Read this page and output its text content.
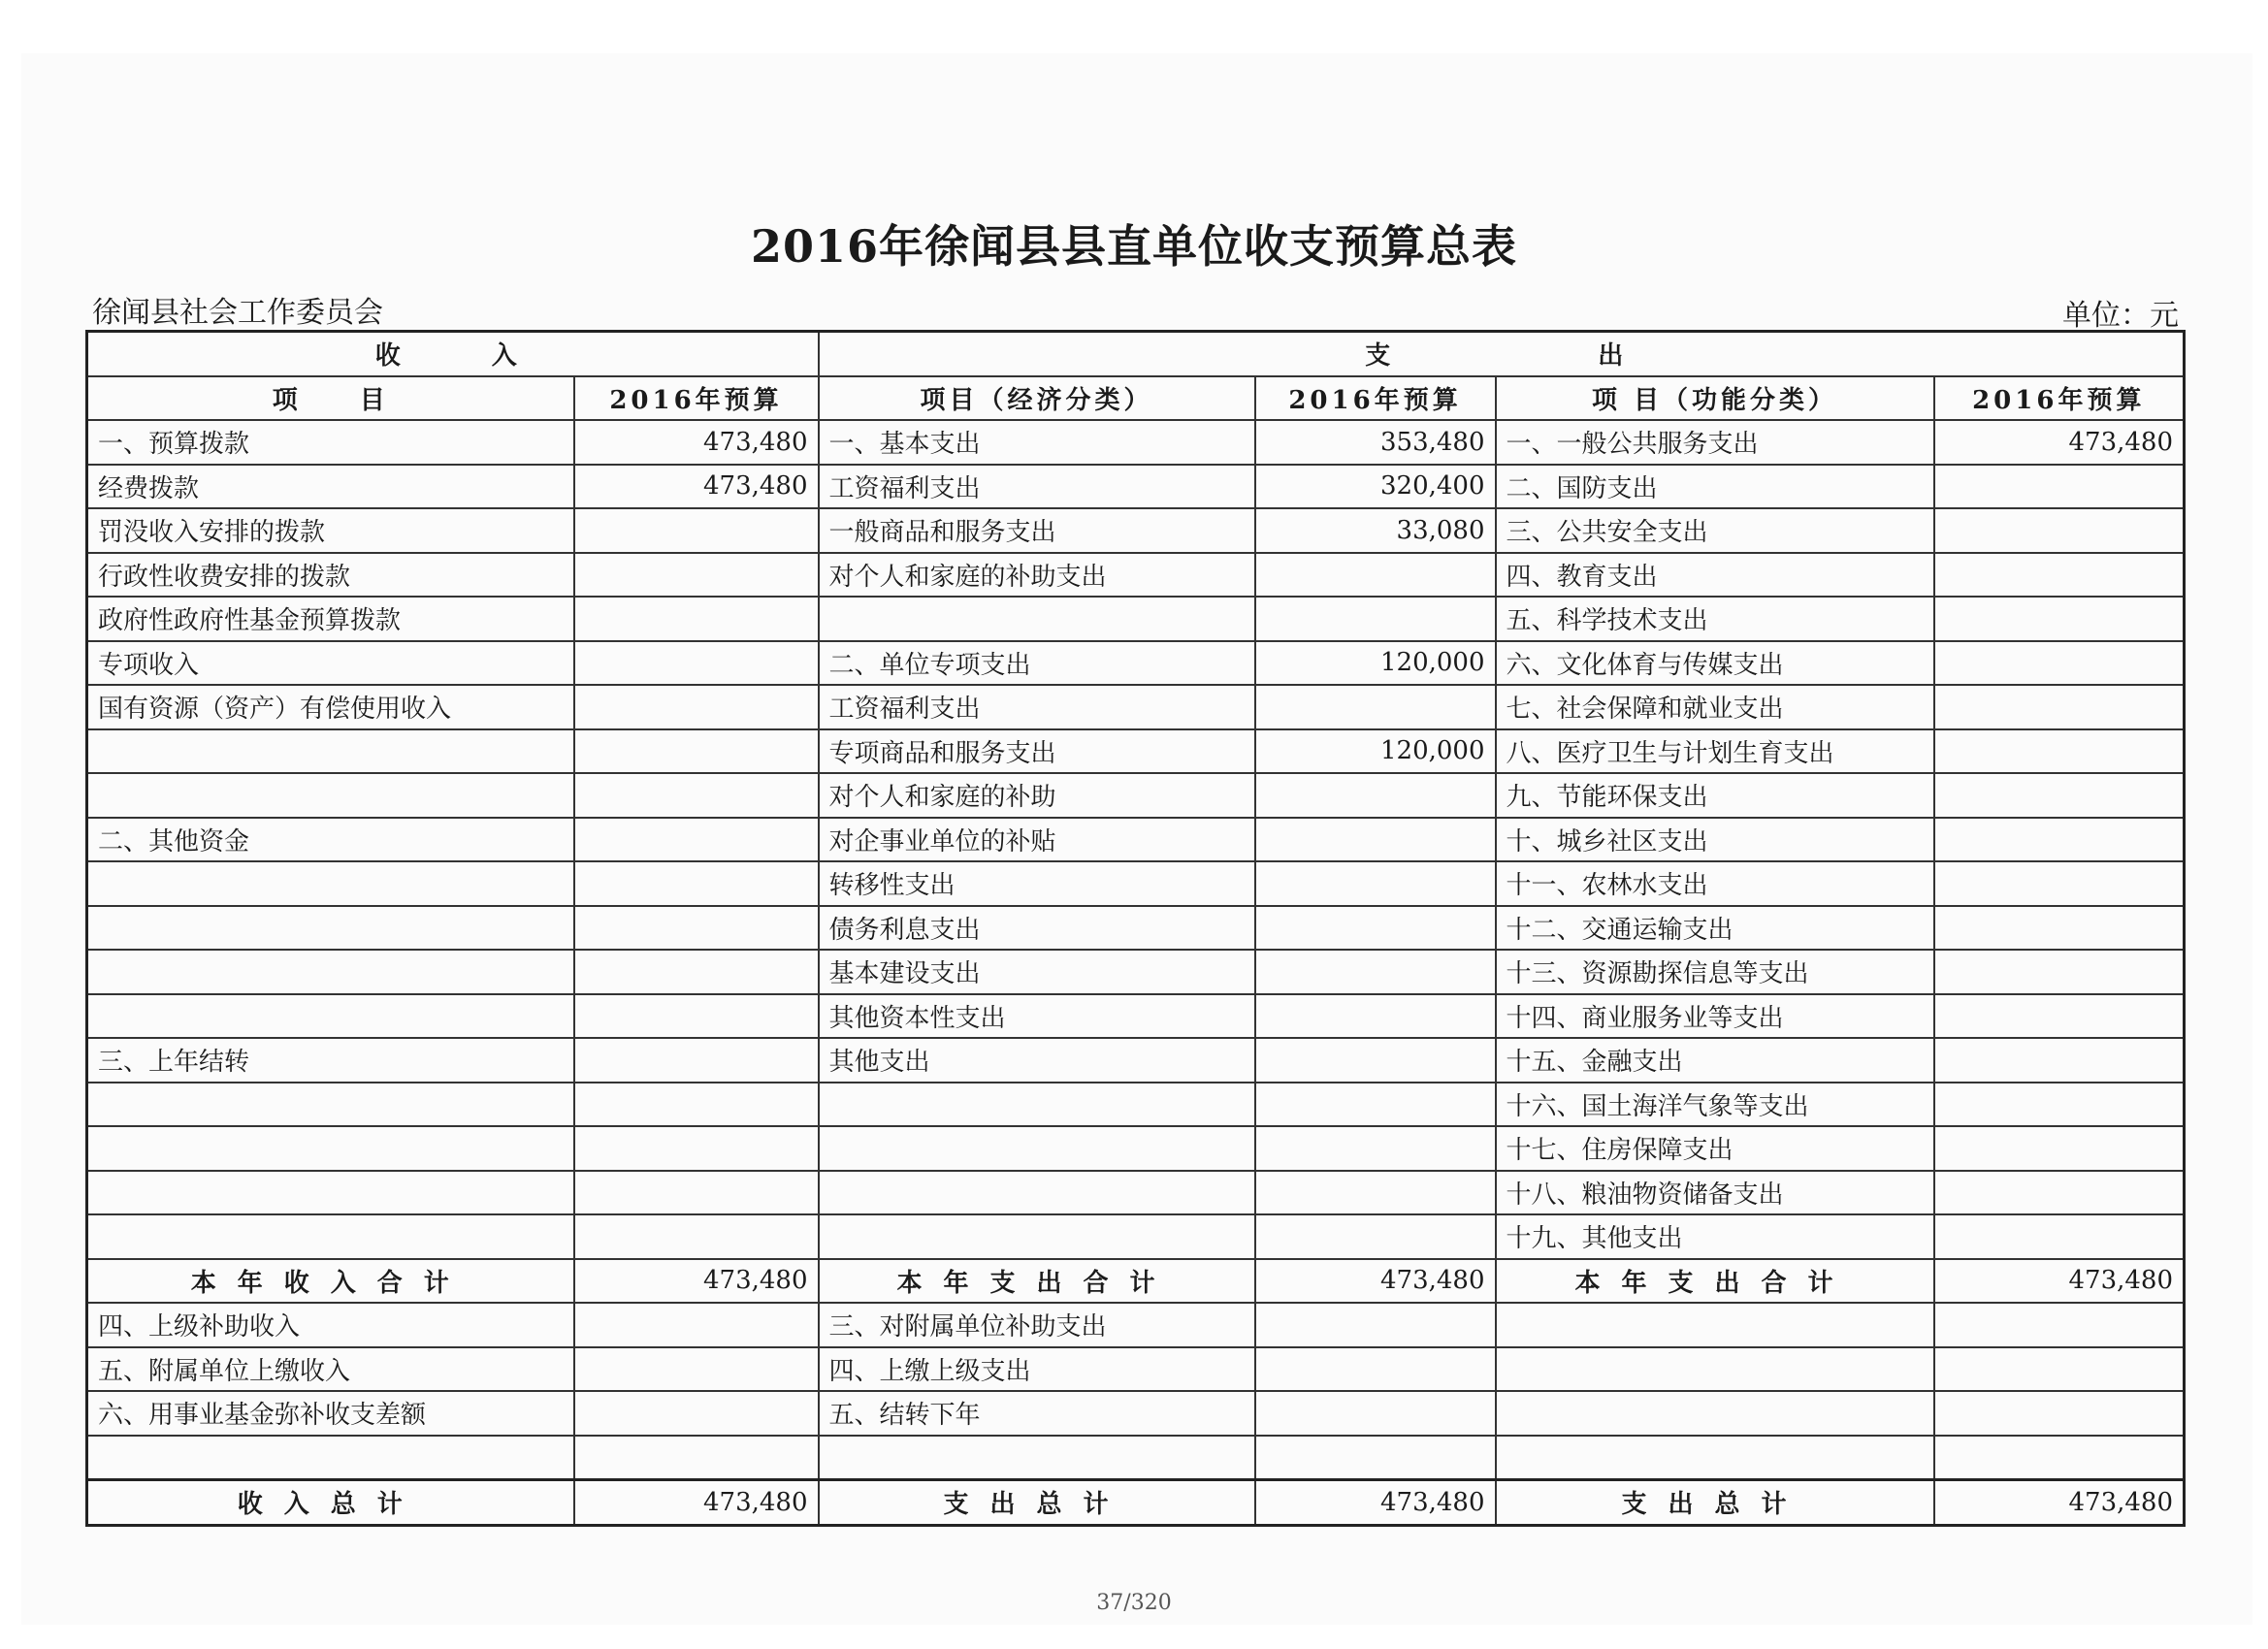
2016年徐闻县县直单位收支预算总表
徐闻县社会工作委员会	单位：元
收　　入		支　　　　　出			
项　　目	2016年预算	项目（经济分类）	2016年预算	项 目（功能分类）	2016年预算
一、预算拨款	473,480	一、基本支出	353,480	一、一般公共服务支出	473,480
经费拨款	473,480	工资福利支出	320,400	二、国防支出	
罚没收入安排的拨款		一般商品和服务支出	33,080	三、公共安全支出	
行政性收费安排的拨款		对个人和家庭的补助支出		四、教育支出	
政府性政府性基金预算拨款				五、科学技术支出	
专项收入		二、单位专项支出	120,000	六、文化体育与传媒支出	
国有资源（资产）有偿使用收入		工资福利支出		七、社会保障和就业支出	
		专项商品和服务支出	120,000	八、医疗卫生与计划生育支出	
		对个人和家庭的补助		九、节能环保支出	
二、其他资金		对企事业单位的补贴		十、城乡社区支出	
		转移性支出		十一、农林水支出	
		债务利息支出		十二、交通运输支出	
		基本建设支出		十三、资源勘探信息等支出	
		其他资本性支出		十四、商业服务业等支出	
三、上年结转		其他支出		十五、金融支出	
				十六、国土海洋气象等支出	
				十七、住房保障支出	
				十八、粮油物资储备支出	
				十九、其他支出	
本年收入合计	473,480	本年支出合计	473,480	本年支出合计	473,480
四、上级补助收入		三、对附属单位补助支出			
五、附属单位上缴收入		四、上缴上级支出			
六、用事业基金弥补收支差额		五、结转下年			

收入总计	473,480	支出总计	473,480	支出总计	473,480
37/320
